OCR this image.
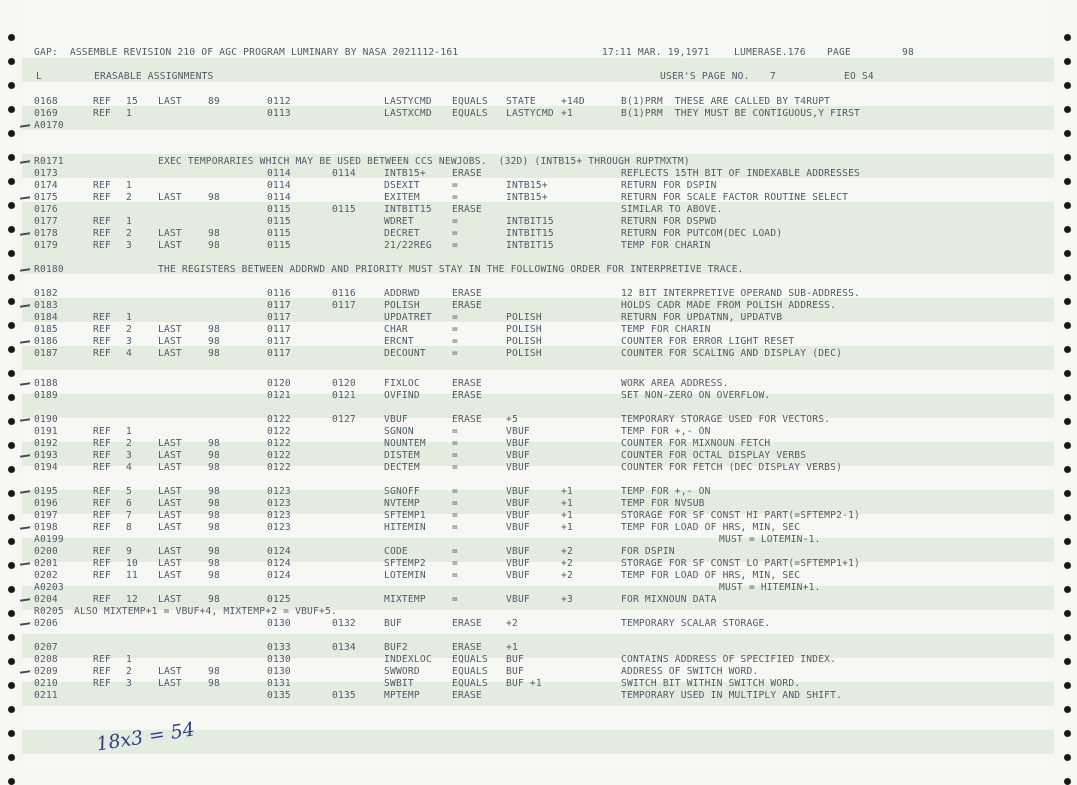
GAP:  ASSEMBLE REVISION 210 OF AGC PROGRAM LUMINARY BY NASA 2021112-161

	17:11 MAR. 19,1971

	LUMERASE.176

PAGE

	98

L

	ERASABLE ASSIGNMENTS

	USER'S PAGE NO.

7

	EO S4

0168	REF 15 LAST	89	0112	LASTYCMD EQUALS STATE	+14D	B(1)PRM  THESE ARE CALLED BY T4RUPT
0169	REF 1	0113	LASTXCMD EQUALS LASTYCMD +1	B(1)PRM  THEY MUST BE CONTIGUOUS,Y FIRST
A0170
R0171	EXEC TEMPORARIES WHICH MAY BE USED BETWEEN CCS NEWJOBS.  (32D) (INTB15+ THROUGH RUPTMXTM)
0173	0114	0114	INTB15+	ERASE	REFLECTS 15TH BIT OF INDEXABLE ADDRESSES
0174	REF 1	0114	DSEXIT	=	INTB15+	RETURN FOR DSPIN
0175	REF 2	LAST	98	0114	EXITEM	=	INTB15+	RETURN FOR SCALE FACTOR ROUTINE SELECT
0176	0115	0115	INTBIT15 ERASE	SIMILAR TO ABOVE.
0177	REF 1	0115	WDRET	=	INTBIT15	RETURN FOR DSPWD
0178	REF 2	LAST	98	0115	DECRET	=	INTBIT15	RETURN FOR PUTCOM(DEC LOAD)
0179	REF 3	LAST	98	0115	21/22REG =	INTBIT15	TEMP FOR CHARIN
R0180	THE REGISTERS BETWEEN ADDRWD AND PRIORITY MUST STAY IN THE FOLLOWING ORDER FOR INTERPRETIVE TRACE.
0182	0116	0116	ADDRWD	ERASE	12 BIT INTERPRETIVE OPERAND SUB-ADDRESS.
0183	0117	0117	POLISH	ERASE	HOLDS CADR MADE FROM POLISH ADDRESS.
0184	REF 1	0117	UPDATRET =	POLISH	RETURN FOR UPDATNN, UPDATVB
0185	REF 2	LAST	98	0117	CHAR	=	POLISH	TEMP FOR CHARIN
0186	REF 3	LAST	98	0117	ERCNT	=	POLISH	COUNTER FOR ERROR LIGHT RESET
0187	REF 4	LAST	98	0117	DECOUNT	=	POLISH	COUNTER FOR SCALING AND DISPLAY (DEC)
0188	0120	0120	FIXLOC	ERASE	WORK AREA ADDRESS.
0189	0121	0121	OVFIND	ERASE	SET NON-ZERO ON OVERFLOW.
0190	0122	0127	VBUF	ERASE	+5	TEMPORARY STORAGE USED FOR VECTORS.
0191	REF 1	0122	SGNON	=	VBUF	TEMP FOR +,- ON
0192	REF 2	LAST	98	0122	NOUNTEM	=	VBUF	COUNTER FOR MIXNOUN FETCH
0193	REF 3	LAST	98	0122	DISTEM	=	VBUF	COUNTER FOR OCTAL DISPLAY VERBS
0194	REF 4	LAST	98	0122	DECTEM	=	VBUF	COUNTER FOR FETCH (DEC DISPLAY VERBS)
0195	REF 5	LAST	98	0123	SGNOFF	=	VBUF	+1	TEMP FOR +,- ON
0196	REF 6	LAST	98	0123	NVTEMP	=	VBUF	+1	TEMP FOR NVSUB
0197	REF 7	LAST	98	0123	SFTEMP1	=	VBUF	+1	STORAGE FOR SF CONST HI PART(=SFTEMP2-1)
0198	REF 8	LAST	98	0123	HITEMIN	=	VBUF	+1	TEMP FOR LOAD OF HRS, MIN, SEC
A0199	MUST = LOTEMIN-1.
0200	REF 9	LAST	98	0124	CODE	=	VBUF	+2	FOR DSPIN
0201	REF 10 LAST	98	0124	SFTEMP2	=	VBUF	+2	STORAGE FOR SF CONST LO PART(=SFTEMP1+1)
0202	REF 11 LAST	98	0124	LOTEMIN	=	VBUF	+2	TEMP FOR LOAD OF HRS, MIN, SEC
A0203	MUST = HITEMIN+1.
0204	REF 12 LAST	98	0125	MIXTEMP	=	VBUF	+3	FOR MIXNOUN DATA
R0205 ALSO MIXTEMP+1 = VBUF+4, MIXTEMP+2 = VBUF+5.
0206	0130	0132	BUF	ERASE	+2	TEMPORARY SCALAR STORAGE.
0207	0133	0134	BUF2	ERASE	+1
0208	REF 1	0130	INDEXLOC EQUALS BUF	CONTAINS ADDRESS OF SPECIFIED INDEX.
0209	REF 2	LAST	98	0130	SWWORD	EQUALS BUF	ADDRESS OF SWITCH WORD.
0210	REF 3	LAST	98	0131	SWBIT	EQUALS BUF +1	SWITCH BIT WITHIN SWITCH WORD.
0211	0135	0135	MPTEMP	ERASE	TEMPORARY USED IN MULTIPLY AND SHIFT.
18x3 = 54
